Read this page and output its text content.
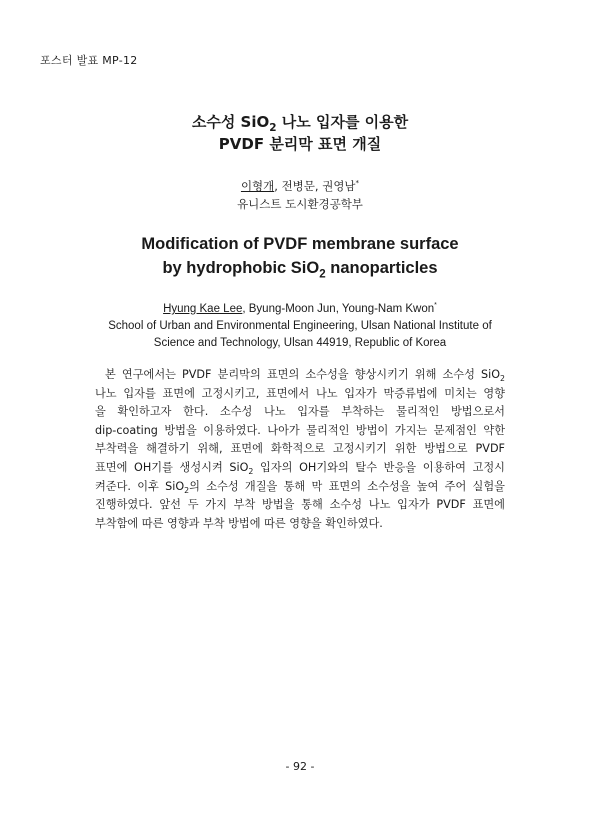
포스터 발표 MP-12
소수성 SiO$_2$ 나노 입자를 이용한
PVDF 분리막 표면 개질
이형개, 전병문, 권영남*
유니스트 도시환경공학부
Modification of PVDF membrane surface
by hydrophobic SiO$_2$ nanoparticles
Hyung Kae Lee, Byung-Moon Jun, Young-Nam Kwon*
School of Urban and Environmental Engineering, Ulsan National Institute of
Science and Technology, Ulsan 44919, Republic of Korea
본 연구에서는 PVDF 분리막의 표면의 소수성을 향상시키기 위해 소수성 SiO$_2$
나노 입자를 표면에 고정시키고, 표면에서 나노 입자가 막증류법에 미치는 영향
을 확인하고자 한다. 소수성 나노 입자를 부착하는 물리적인 방법으로서
dip-coating 방법을 이용하였다. 나아가 물리적인 방법이 가지는 문제점인 약한
부착력을 해결하기 위해, 표면에 화학적으로 고정시키기 위한 방법으로 PVDF
표면에 OH기를 생성시켜 SiO$_2$ 입자의 OH기와의 탈수 반응을 이용하여 고정시
켜준다. 이후 SiO$_2$의 소수성 개질을 통해 막 표면의 소수성을 높여 주어 실험을
진행하였다. 앞선 두 가지 부착 방법을 통해 소수성 나노 입자가 PVDF 표면에
부착함에 따른 영향과 부착 방법에 따른 영향을 확인하였다.
- 92 -
